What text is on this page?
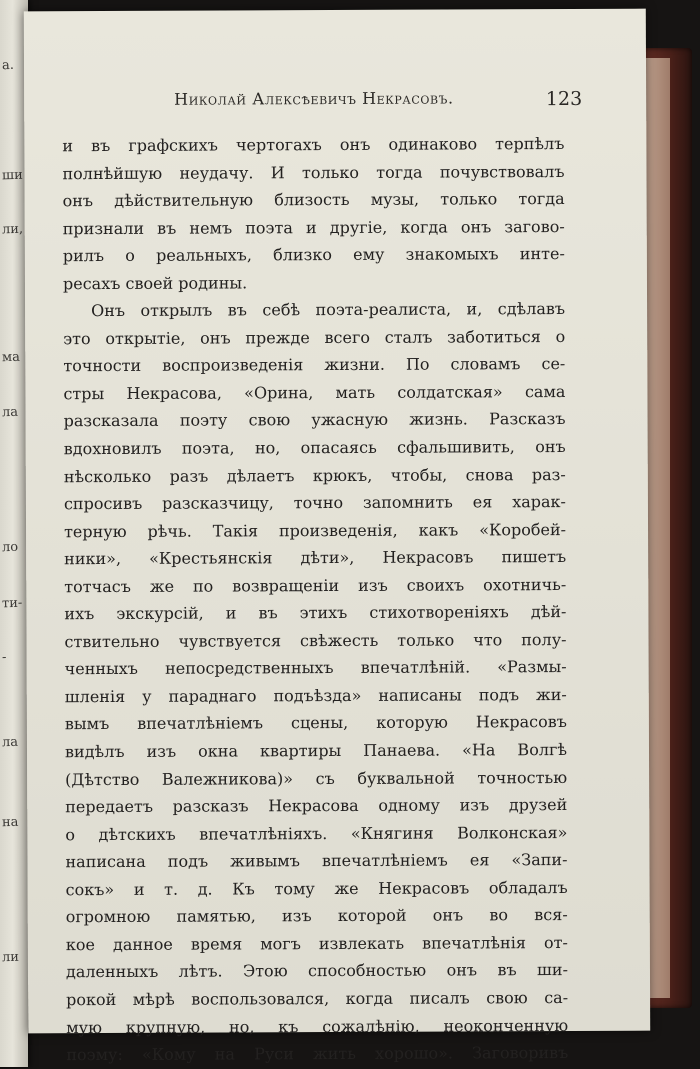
а.
ши
ли,
ма
ла
ло
ти-
-
ла
на
ли
Николай Алексѣевичъ Некрасовъ.	123
и въ графскихъ чертогахъ онъ одинаково терпѣлъ
полнѣйшую неудачу. И только тогда почувствовалъ
онъ дѣйствительную близость музы, только тогда
признали въ немъ поэта и другіе, когда онъ загово-
рилъ о реальныхъ, близко ему знакомыхъ инте-
ресахъ своей родины.
Онъ открылъ въ себѣ поэта-реалиста, и, сдѣлавъ
это открытіе, онъ прежде всего сталъ заботиться о
точности воспроизведенія жизни. По словамъ се-
стры Некрасова, «Орина, мать солдатская» сама
разсказала поэту свою ужасную жизнь. Разсказъ
вдохновилъ поэта, но, опасаясь сфальшивить, онъ
нѣсколько разъ дѣлаетъ крюкъ, чтобы, снова раз-
спросивъ разсказчицу, точно запомнить ея харак-
терную рѣчь. Такія произведенія, какъ «Коробей-
ники», «Крестьянскія дѣти», Некрасовъ пишетъ
тотчасъ же по возвращеніи изъ своихъ охотничь-
ихъ экскурсій, и въ этихъ стихотвореніяхъ дѣй-
ствительно чувствуется свѣжесть только что полу-
ченныхъ непосредственныхъ впечатлѣній. «Размы-
шленія у параднаго подъѣзда» написаны подъ жи-
вымъ впечатлѣніемъ сцены, которую Некрасовъ
видѣлъ изъ окна квартиры Панаева. «На Волгѣ
(Дѣтство Валежникова)» съ буквальной точностью
передаетъ разсказъ Некрасова одному изъ друзей
о дѣтскихъ впечатлѣніяхъ. «Княгиня Волконская»
написана подъ живымъ впечатлѣніемъ ея «Запи-
сокъ» и т. д. Къ тому же Некрасовъ обладалъ
огромною памятью, изъ которой онъ во вся-
кое данное время могъ извлекать впечатлѣнія от-
даленныхъ лѣтъ. Этою способностью онъ въ ши-
рокой мѣрѣ воспользовался, когда писалъ свою са-
мую крупную, но, къ сожалѣнію, неоконченную
поэму: «Кому на Руси жить хорошо». Заговоривъ
